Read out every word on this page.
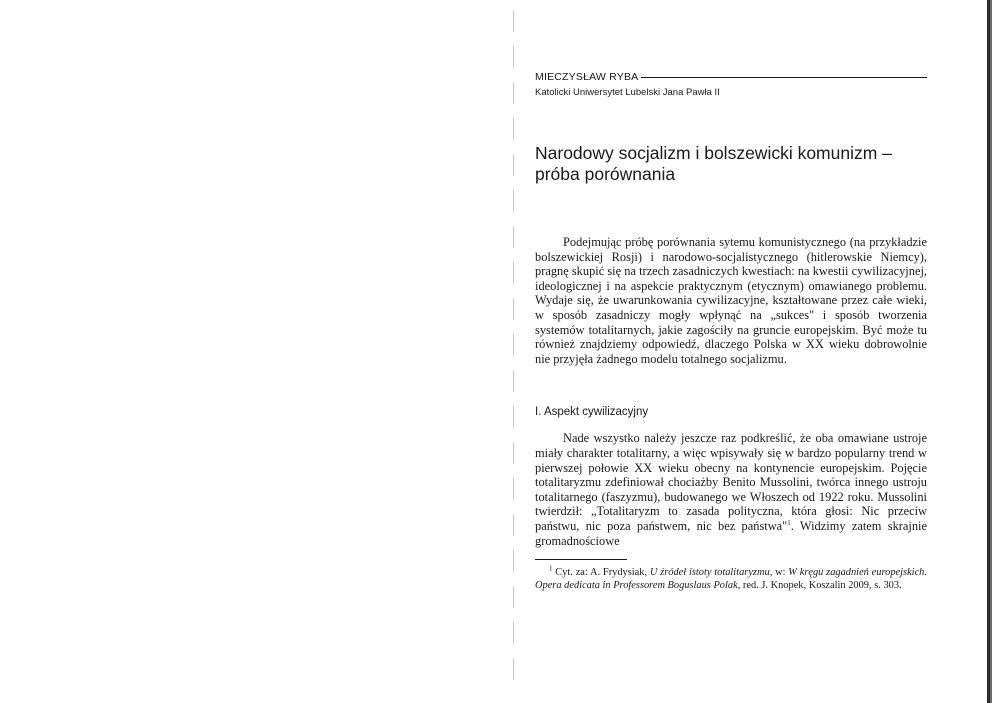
MIECZYSŁAW RYBA
Katolicki Uniwersytet Lubelski Jana Pawła II
Narodowy socjalizm i bolszewicki komunizm –
próba porównania

Podejmując próbę porównania sytemu komunistycznego (na przykładzie bolszewickiej Rosji) i narodowo-socjalistycznego (hitlerowskie Niemcy), pragnę skupić się na trzech zasadniczych kwestiach: na kwestii cywilizacyjnej, ideologicznej i na aspekcie praktycznym (etycznym) omawianego problemu. Wydaje się, że uwarunkowania cywilizacyjne, kształtowane przez całe wieki, w sposób zasadniczy mogły wpłynąć na „sukces" i sposób tworzenia systemów totalitarnych, jakie zagościły na gruncie europejskim. Być może tu również znajdziemy odpowiedź, dlaczego Polska w XX wieku dobrowolnie nie przyjęła żadnego modelu totalnego socjalizmu.

I. Aspekt cywilizacyjny

Nade wszystko należy jeszcze raz podkreślić, że oba omawiane ustroje miały charakter totalitarny, a więc wpisywały się w bardzo popularny trend w pierwszej połowie XX wieku obecny na kontynencie europejskim. Pojęcie totalitaryzmu zdefiniował chociażby Benito Mussolini, twórca innego ustroju totalitarnego (faszyzmu), budowanego we Włoszech od 1922 roku. Mussolini twierdził: „Totalitaryzm to zasada polityczna, która głosi: Nic przeciw państwu, nic poza państwem, nic bez państwa"$^1$. Widzimy zatem skrajnie gromadnościowe

$^1$ Cyt. za: A. Frydysiak, U źródeł istoty totalitaryzmu, w: W kręgu zagadnień europejskich. Opera dedicata in Professorem Boguslaus Polak, red. J. Knopek, Koszalin 2009, s. 303.
